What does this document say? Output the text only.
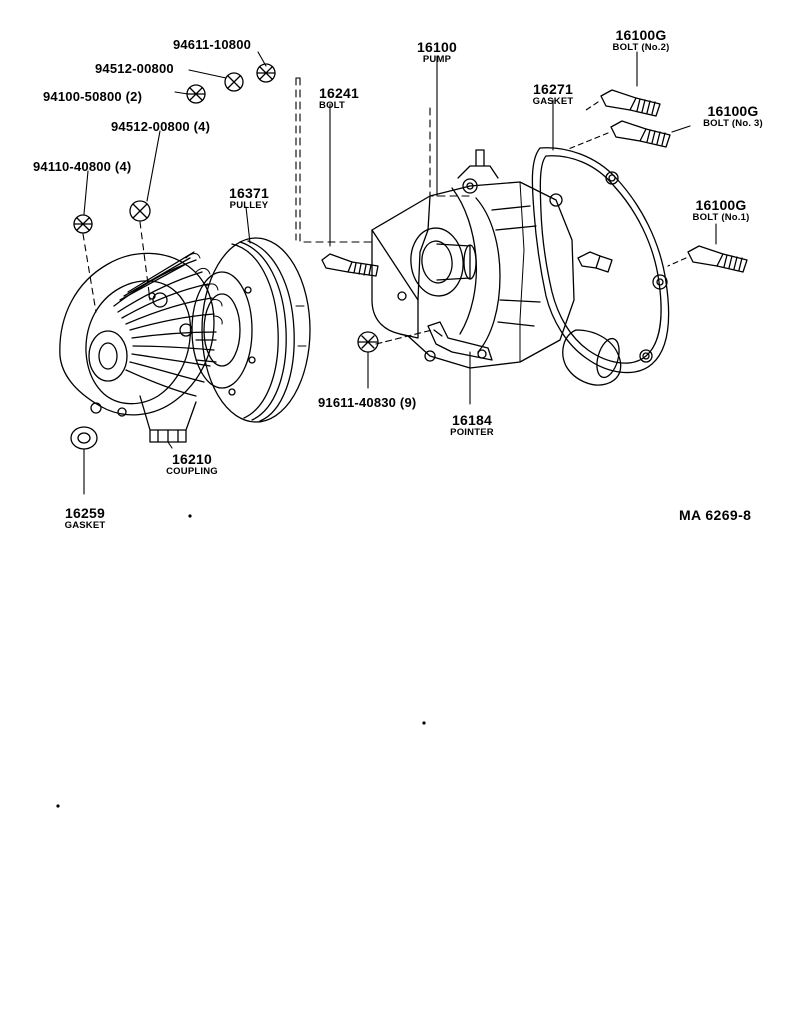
94611-10800
94512-00800
94100-50800 (2)
94512-00800 (4)
94110-40800 (4)
16371
PULLEY
16241
BOLT
16100
PUMP
16271
GASKET
16100G
BOLT (No.2)
16100G
BOLT (No. 3)
16100G
BOLT (No.1)
91611-40830 (9)
16184
POINTER
16210
COUPLING
16259
GASKET
MA 6269-8
